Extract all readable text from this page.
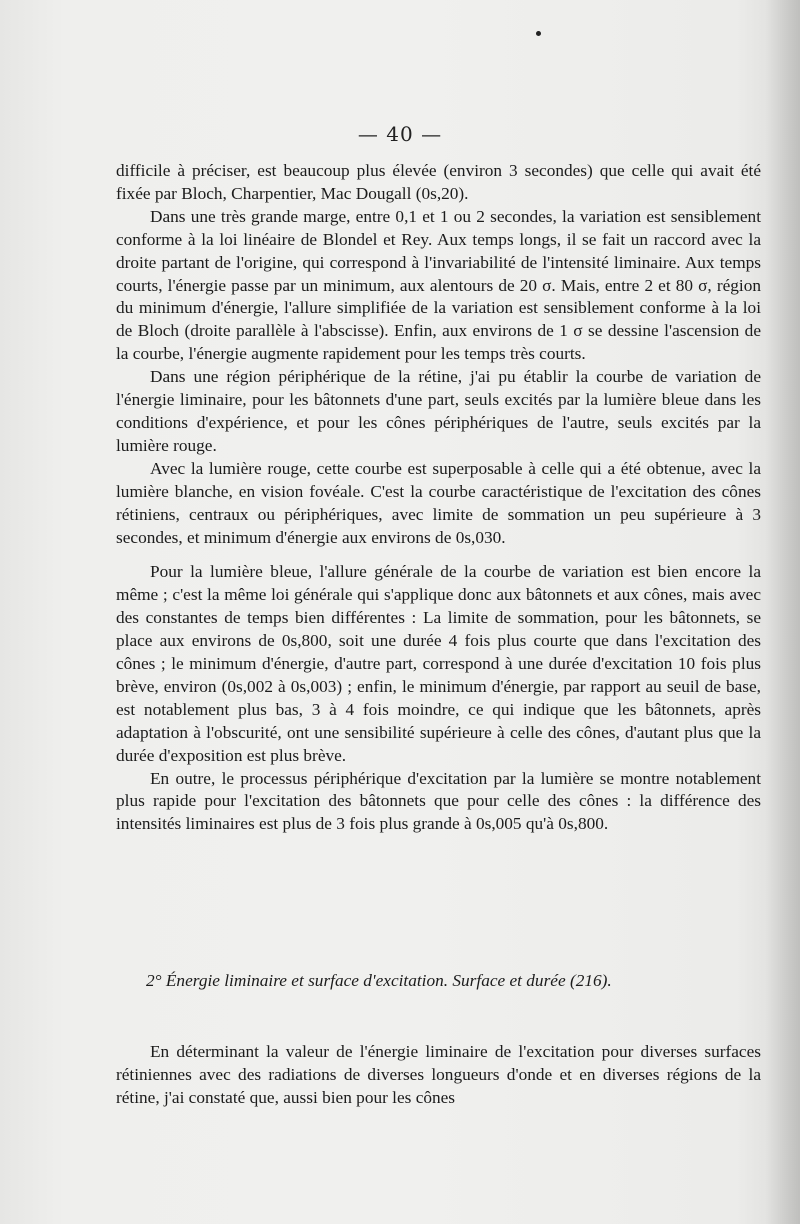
— 40 —

difficile à préciser, est beaucoup plus élevée (environ 3 secondes) que celle qui avait été fixée par Bloch, Charpentier, Mac Dougall (0s,20).

Dans une très grande marge, entre 0,1 et 1 ou 2 secondes, la variation est sensiblement conforme à la loi linéaire de Blondel et Rey. Aux temps longs, il se fait un raccord avec la droite partant de l'origine, qui correspond à l'invariabilité de l'intensité liminaire. Aux temps courts, l'énergie passe par un minimum, aux alentours de 20 σ. Mais, entre 2 et 80 σ, région du minimum d'énergie, l'allure simplifiée de la variation est sensiblement conforme à la loi de Bloch (droite parallèle à l'abscisse). Enfin, aux environs de 1 σ se dessine l'ascension de la courbe, l'énergie augmente rapidement pour les temps très courts.

Dans une région périphérique de la rétine, j'ai pu établir la courbe de variation de l'énergie liminaire, pour les bâtonnets d'une part, seuls excités par la lumière bleue dans les conditions d'expérience, et pour les cônes périphériques de l'autre, seuls excités par la lumière rouge.

Avec la lumière rouge, cette courbe est superposable à celle qui a été obtenue, avec la lumière blanche, en vision fovéale. C'est la courbe caractéristique de l'excitation des cônes rétiniens, centraux ou périphériques, avec limite de sommation un peu supérieure à 3 secondes, et minimum d'énergie aux environs de 0s,030.

Pour la lumière bleue, l'allure générale de la courbe de variation est bien encore la même ; c'est la même loi générale qui s'applique donc aux bâtonnets et aux cônes, mais avec des constantes de temps bien différentes : La limite de sommation, pour les bâtonnets, se place aux environs de 0s,800, soit une durée 4 fois plus courte que dans l'excitation des cônes ; le minimum d'énergie, d'autre part, correspond à une durée d'excitation 10 fois plus brève, environ (0s,002 à 0s,003) ; enfin, le minimum d'énergie, par rapport au seuil de base, est notablement plus bas, 3 à 4 fois moindre, ce qui indique que les bâtonnets, après adaptation à l'obscurité, ont une sensibilité supérieure à celle des cônes, d'autant plus que la durée d'exposition est plus brève.

En outre, le processus périphérique d'excitation par la lumière se montre notablement plus rapide pour l'excitation des bâtonnets que pour celle des cônes : la différence des intensités liminaires est plus de 3 fois plus grande à 0s,005 qu'à 0s,800.

2° Énergie liminaire et surface d'excitation. Surface et durée (216).

En déterminant la valeur de l'énergie liminaire de l'excitation pour diverses surfaces rétiniennes avec des radiations de diverses longueurs d'onde et en diverses régions de la rétine, j'ai constaté que, aussi bien pour les cônes
